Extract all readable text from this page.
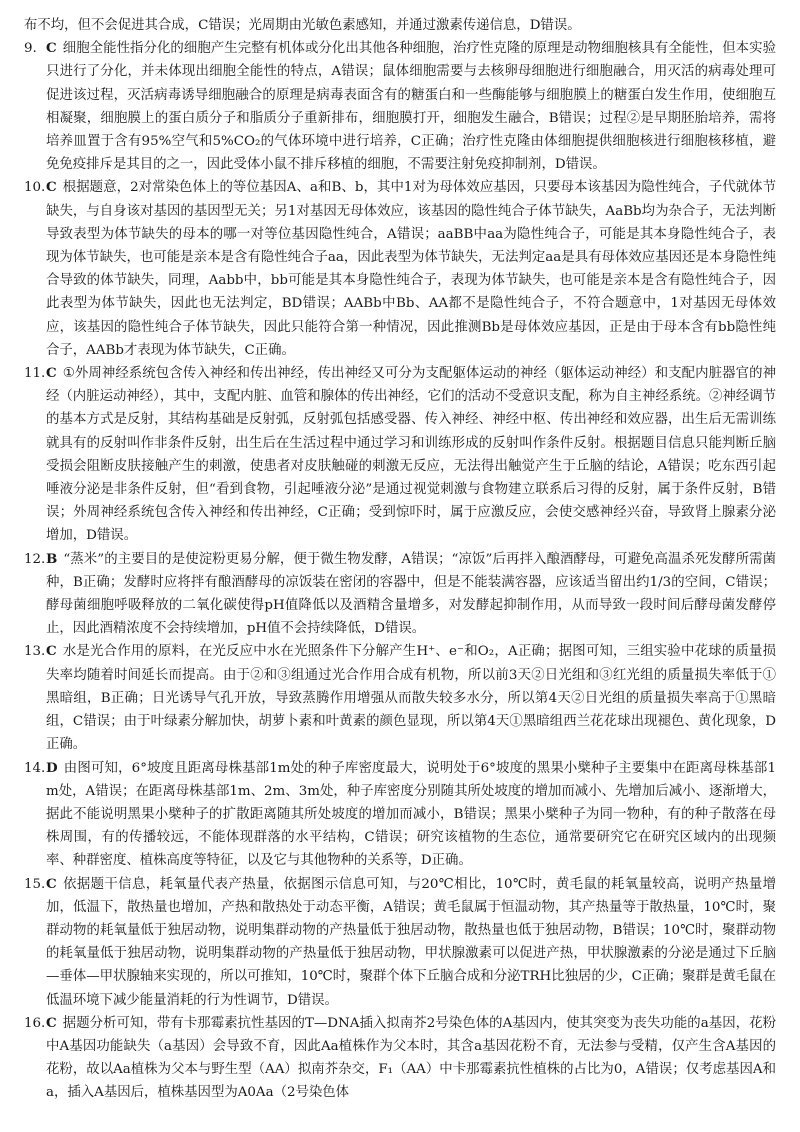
布不均，但不会促进其合成，C错误；光周期由光敏色素感知，并通过激素传递信息，D错误。

9. C 细胞全能性指分化的细胞产生完整有机体或分化出其他各种细胞，治疗性克隆的原理是动物细胞核具有全能性，但本实验只进行了分化，并未体现出细胞全能性的特点，A错误；鼠体细胞需要与去核卵母细胞进行细胞融合，用灭活的病毒处理可促进该过程，灭活病毒诱导细胞融合的原理是病毒表面含有的糖蛋白和一些酶能够与细胞膜上的糖蛋白发生作用，使细胞互相凝聚，细胞膜上的蛋白质分子和脂质分子重新排布，细胞膜打开，细胞发生融合，B错误；过程②是早期胚胎培养，需将培养皿置于含有95%空气和5%CO₂的气体环境中进行培养，C正确；治疗性克隆由体细胞提供细胞核进行细胞核移植，避免免疫排斥是其目的之一，因此受体小鼠不排斥移植的细胞，不需要注射免疫抑制剂，D错误。

10. C 根据题意，2对常染色体上的等位基因A、a和B、b，其中1对为母体效应基因，只要母本该基因为隐性纯合，子代就体节缺失，与自身该对基因的基因型无关；另1对基因无母体效应，该基因的隐性纯合子体节缺失，AaBb均为杂合子，无法判断导致表型为体节缺失的母本的哪一对等位基因隐性纯合，A错误；aaBB中aa为隐性纯合子，可能是其本身隐性纯合子，表现为体节缺失，也可能是亲本是含有隐性纯合子aa，因此表型为体节缺失，无法判定aa是具有母体效应基因还是本身隐性纯合导致的体节缺失，同理，Aabb中，bb可能是其本身隐性纯合子，表现为体节缺失，也可能是亲本是含有隐性纯合子，因此表型为体节缺失，因此也无法判定，BD错误；AABb中Bb、AA都不是隐性纯合子，不符合题意中，1对基因无母体效应，该基因的隐性纯合子体节缺失，因此只能符合第一种情况，因此推测Bb是母体效应基因，正是由于母本含有bb隐性纯合子，AABb才表现为体节缺失，C正确。

11. C ①外周神经系统包含传入神经和传出神经，传出神经又可分为支配躯体运动的神经（躯体运动神经）和支配内脏器官的神经（内脏运动神经），其中，支配内脏、血管和腺体的传出神经，它们的活动不受意识支配，称为自主神经系统。②神经调节的基本方式是反射，其结构基础是反射弧，反射弧包括感受器、传入神经、神经中枢、传出神经和效应器，出生后无需训练就具有的反射叫作非条件反射，出生后在生活过程中通过学习和训练形成的反射叫作条件反射。根据题目信息只能判断丘脑受损会阻断皮肤接触产生的刺激，使患者对皮肤触碰的刺激无反应，无法得出触觉产生于丘脑的结论，A错误；吃东西引起唾液分泌是非条件反射，但“看到食物，引起唾液分泌”是通过视觉刺激与食物建立联系后习得的反射，属于条件反射，B错误；外周神经系统包含传入神经和传出神经，C正确；受到惊吓时，属于应激反应，会使交感神经兴奋，导致肾上腺素分泌增加，D错误。

12. B “蒸米”的主要目的是使淀粉更易分解，便于微生物发酵，A错误；“凉饭”后再拌入酿酒酵母，可避免高温杀死发酵所需菌种，B正确；发酵时应将拌有酿酒酵母的凉饭装在密闭的容器中，但是不能装满容器，应该适当留出约1/3的空间，C错误；酵母菌细胞呼吸释放的二氧化碳使得pH值降低以及酒精含量增多，对发酵起抑制作用，从而导致一段时间后酵母菌发酵停止，因此酒精浓度不会持续增加，pH值不会持续降低，D错误。

13. C 水是光合作用的原料，在光反应中水在光照条件下分解产生H⁺、e⁻和O₂，A正确；据图可知，三组实验中花球的质量损失率均随着时间延长而提高。由于②和③组通过光合作用合成有机物，所以前3天②日光组和③红光组的质量损失率低于①黑暗组，B正确；日光诱导气孔开放，导致蒸腾作用增强从而散失较多水分，所以第4天②日光组的质量损失率高于①黑暗组，C错误；由于叶绿素分解加快，胡萝卜素和叶黄素的颜色显现，所以第4天①黑暗组西兰花花球出现褪色、黄化现象，D正确。

14. D 由图可知，6°坡度且距离母株基部1m处的种子库密度最大，说明处于6°坡度的黑果小檗种子主要集中在距离母株基部1m处，A错误；在距离母株基部1m、2m、3m处，种子库密度分别随其所处坡度的增加而减小、先增加后减小、逐渐增大，据此不能说明黑果小檗种子的扩散距离随其所处坡度的增加而减小，B错误；黑果小檗种子为同一物种，有的种子散落在母株周围，有的传播较远，不能体现群落的水平结构，C错误；研究该植物的生态位，通常要研究它在研究区域内的出现频率、种群密度、植株高度等特征，以及它与其他物种的关系等，D正确。

15. C 依据题干信息，耗氧量代表产热量，依据图示信息可知，与20℃相比，10℃时，黄毛鼠的耗氧量较高，说明产热量增加，低温下，散热量也增加，产热和散热处于动态平衡，A错误；黄毛鼠属于恒温动物，其产热量等于散热量，10℃时，聚群动物的耗氧量低于独居动物，说明集群动物的产热量低于独居动物，散热量也低于独居动物，B错误；10℃时，聚群动物的耗氧量低于独居动物，说明集群动物的产热量低于独居动物，甲状腺激素可以促进产热，甲状腺激素的分泌是通过下丘脑—垂体—甲状腺轴来实现的，所以可推知，10℃时，聚群个体下丘脑合成和分泌TRH比独居的少，C正确；聚群是黄毛鼠在低温环境下减少能量消耗的行为性调节，D错误。

16. C 据题分析可知，带有卡那霉素抗性基因的T—DNA插入拟南芥2号染色体的A基因内，使其突变为丧失功能的a基因，花粉中A基因功能缺失（a基因）会导致不育，因此Aa植株作为父本时，其含a基因花粉不育，无法参与受精，仅产生含A基因的花粉，故以Aa植株为父本与野生型（AA）拟南芥杂交，F₁（AA）中卡那霉素抗性植株的占比为0，A错误；仅考虑基因A和a，插入A基因后，植株基因型为A0Aa（2号染色体
